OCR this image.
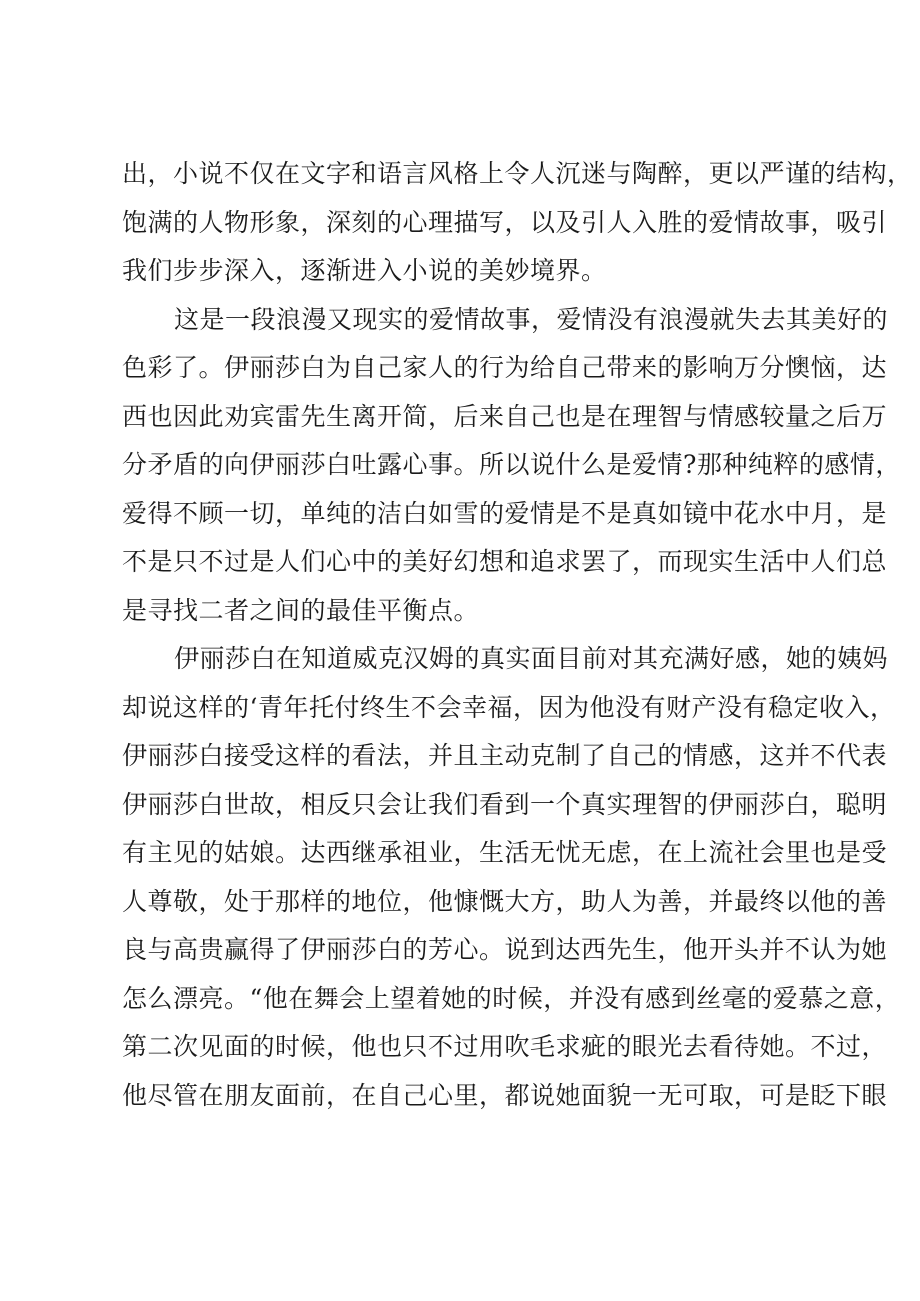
出，小说不仅在文字和语言风格上令人沉迷与陶醉，更以严谨的结构，
饱满的人物形象，深刻的心理描写，以及引人入胜的爱情故事，吸引
我们步步深入，逐渐进入小说的美妙境界。
这是一段浪漫又现实的爱情故事，爱情没有浪漫就失去其美好的
色彩了。伊丽莎白为自己家人的行为给自己带来的影响万分懊恼，达
西也因此劝宾雷先生离开简，后来自己也是在理智与情感较量之后万
分矛盾的向伊丽莎白吐露心事。所以说什么是爱情?那种纯粹的感情，
爱得不顾一切，单纯的洁白如雪的爱情是不是真如镜中花水中月，是
不是只不过是人们心中的美好幻想和追求罢了，而现实生活中人们总
是寻找二者之间的最佳平衡点。
伊丽莎白在知道威克汉姆的真实面目前对其充满好感，她的姨妈
却说这样的‘青年托付终生不会幸福，因为他没有财产没有稳定收入，
伊丽莎白接受这样的看法，并且主动克制了自己的情感，这并不代表
伊丽莎白世故，相反只会让我们看到一个真实理智的伊丽莎白，聪明
有主见的姑娘。达西继承祖业，生活无忧无虑，在上流社会里也是受
人尊敬，处于那样的地位，他慷慨大方，助人为善，并最终以他的善
良与高贵赢得了伊丽莎白的芳心。说到达西先生，他开头并不认为她
怎么漂亮。“他在舞会上望着她的时候，并没有感到丝毫的爱慕之意，
第二次见面的时候，他也只不过用吹毛求疵的眼光去看待她。不过，
他尽管在朋友面前，在自己心里，都说她面貌一无可取，可是眨下眼
